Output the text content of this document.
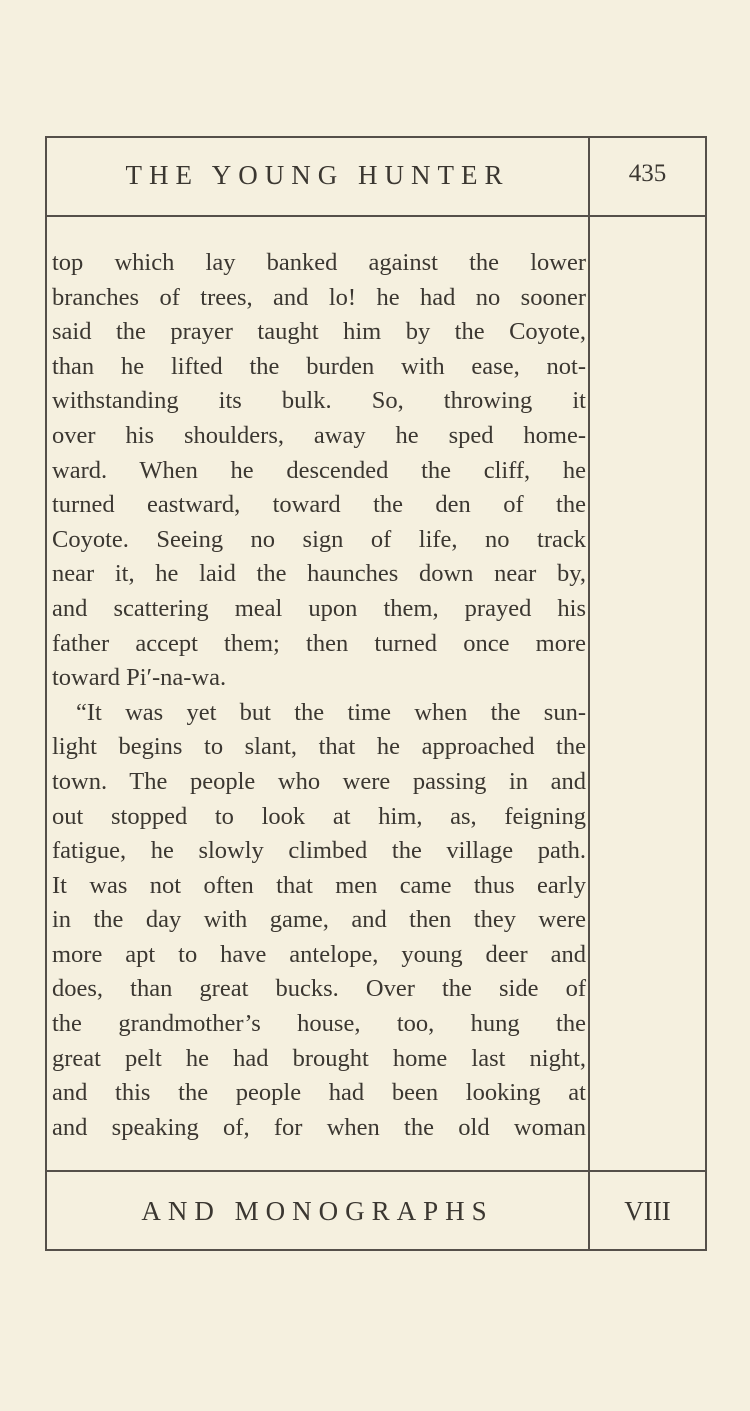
THE YOUNG HUNTER	435
top which lay banked against the lower
branches of trees, and lo! he had no sooner
said the prayer taught him by the Coyote,
than he lifted the burden with ease, not-
withstanding its bulk. So, throwing it
over his shoulders, away he sped home-
ward. When he descended the cliff, he
turned eastward, toward the den of the
Coyote. Seeing no sign of life, no track
near it, he laid the haunches down near by,
and scattering meal upon them, prayed his
father accept them; then turned once more
toward Pi′-na-wa.
“It was yet but the time when the sun-
light begins to slant, that he approached the
town. The people who were passing in and
out stopped to look at him, as, feigning
fatigue, he slowly climbed the village path.
It was not often that men came thus early
in the day with game, and then they were
more apt to have antelope, young deer and
does, than great bucks. Over the side of
the grandmother’s house, too, hung the
great pelt he had brought home last night,
and this the people had been looking at
and speaking of, for when the old woman
AND MONOGRAPHS	VIII
